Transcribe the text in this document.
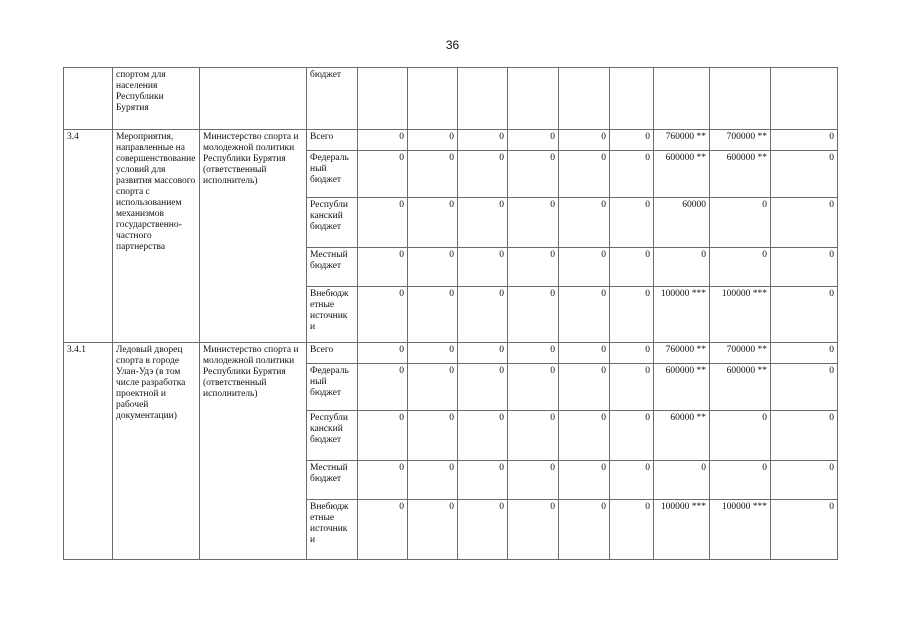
36
	спортом для населения Республики Бурятия		бюджет									
3.4	Мероприятия, направленные на совершенствование условий для развития массового спорта с использованием механизмов государственно-частного партнерства	Министерство спорта и молодежной политики Республики Бурятия (ответственный исполнитель)	Всего	0	0	0	0	0	0	760000 **	700000 **	0
			Федераль ный бюджет	0	0	0	0	0	0	600000 **	600000 **	0
			Республи канский бюджет	0	0	0	0	0	0	60000	0	0
			Местный бюджет	0	0	0	0	0	0	0	0	0
			Внебюдж етные источник и	0	0	0	0	0	0	100000 ***	100000 ***	0
3.4.1	Ледовый дворец спорта в городе Улан-Удэ (в том числе разработка проектной и рабочей документации)	Министерство спорта и молодежной политики Республики Бурятия (ответственный исполнитель)	Всего	0	0	0	0	0	0	760000 **	700000 **	0
			Федераль ный бюджет	0	0	0	0	0	0	600000 **	600000 **	0
			Республи канский бюджет	0	0	0	0	0	0	60000 **	0	0
			Местный бюджет	0	0	0	0	0	0	0	0	0
			Внебюдж етные источник и	0	0	0	0	0	0	100000 ***	100000 ***	0
